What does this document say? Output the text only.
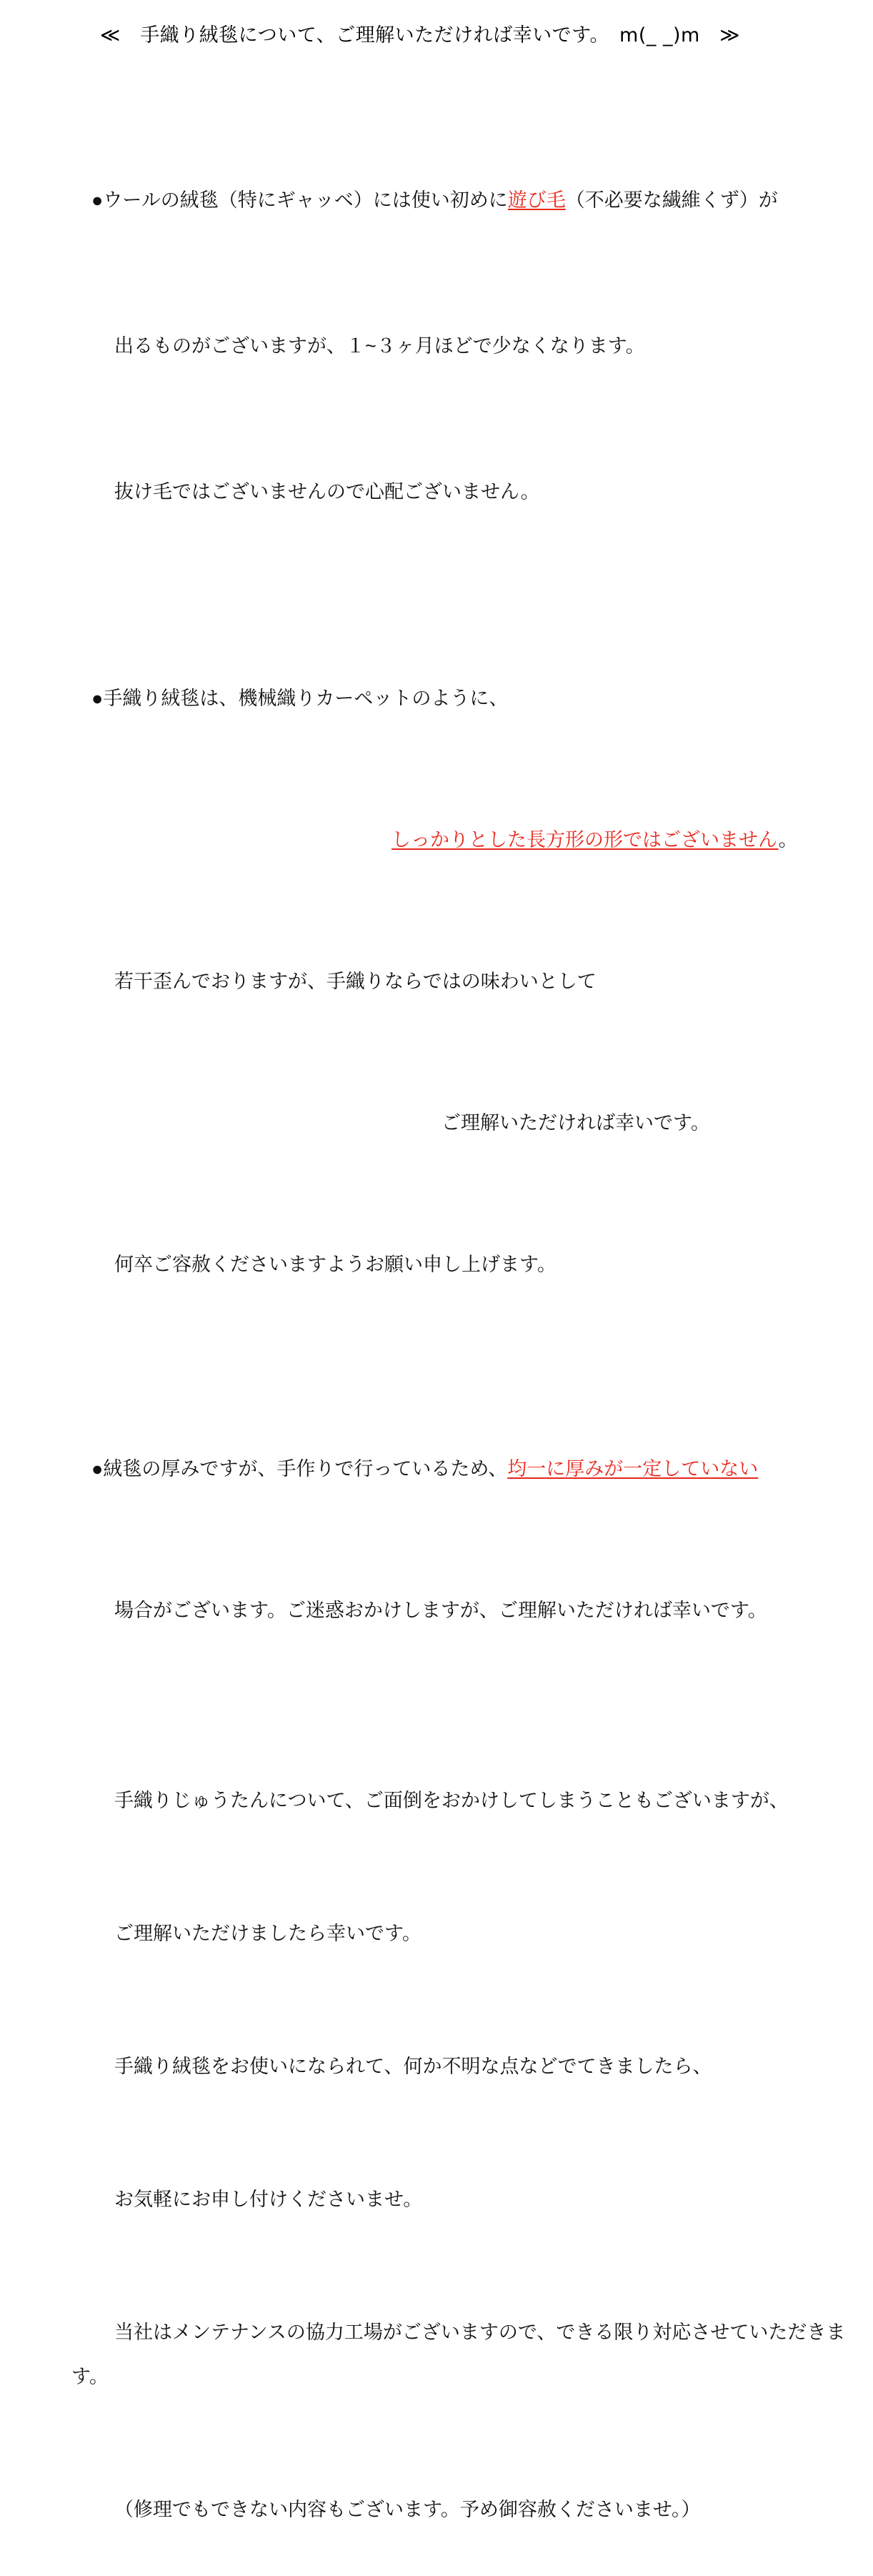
≪　手織り絨毯について、ご理解いただければ幸いです。　m(_ _)m　≫

●ウールの絨毯（特にギャッベ）には使い初めに遊び毛（不必要な繊維くず）が

出るものがございますが、１~３ヶ月ほどで少なくなります。

抜け毛ではございませんので心配ございません。

●手織り絨毯は、機械織りカーペットのように、

しっかりとした長方形の形ではございません。

若干歪んでおりますが、手織りならではの味わいとして

ご理解いただければ幸いです。

何卒ご容赦くださいますようお願い申し上げます。

●絨毯の厚みですが、手作りで行っているため、均一に厚みが一定していない

場合がございます。ご迷惑おかけしますが、ご理解いただければ幸いです。

手織りじゅうたんについて、ご面倒をおかけしてしまうこともございますが、

ご理解いただけましたら幸いです。

手織り絨毯をお使いになられて、何か不明な点などでてきましたら、

お気軽にお申し付けくださいませ。

当社はメンテナンスの協力工場がございますので、できる限り対応させていただきます。

（修理でもできない内容もございます。予め御容赦くださいませ。）
